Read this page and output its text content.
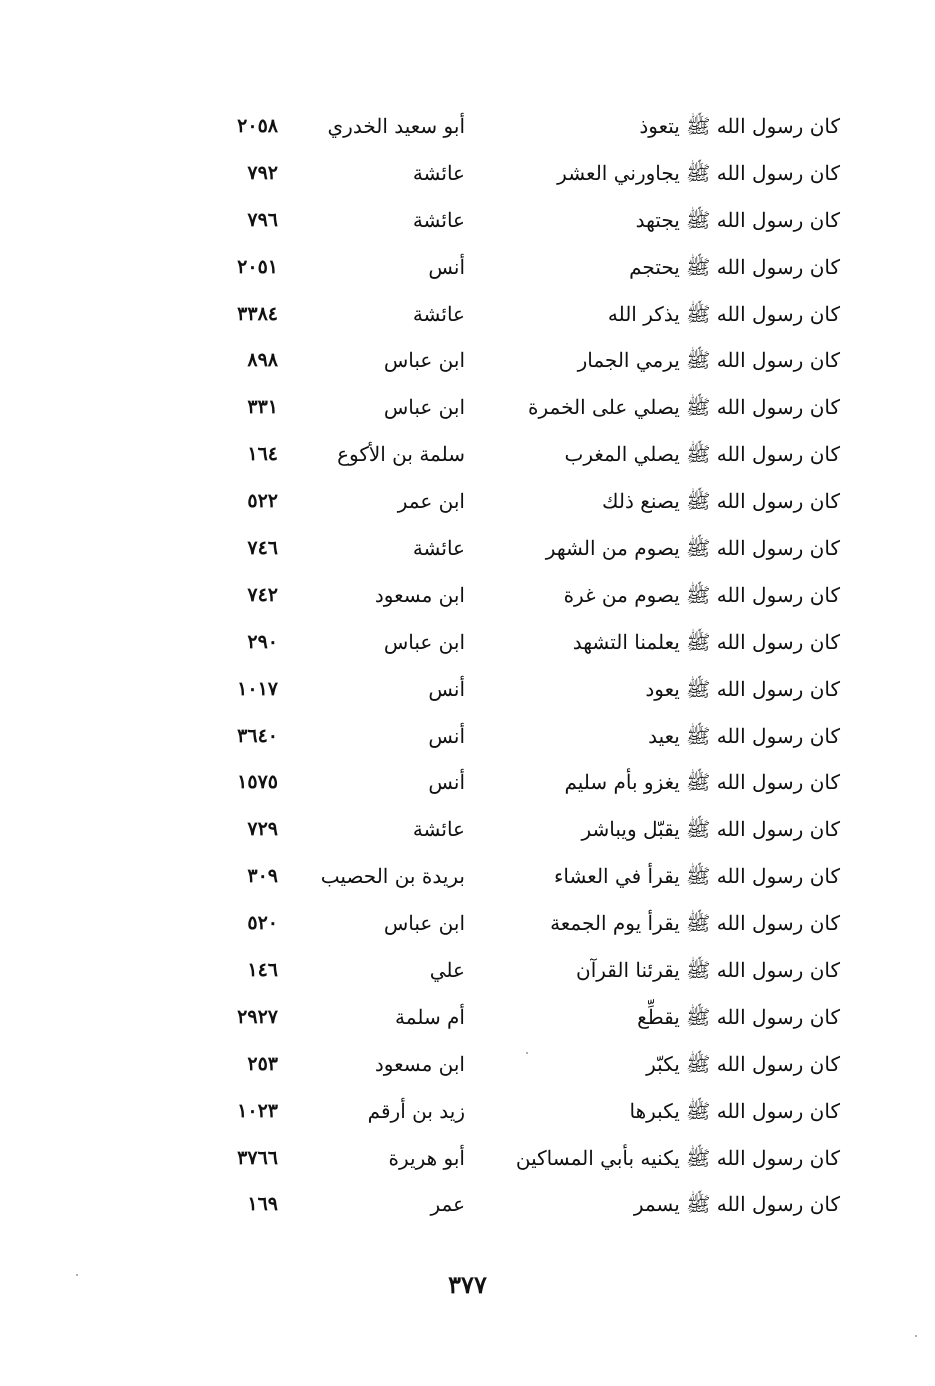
كان رسول الله ﷺ يتعوذ
أبو سعيد الخدري
٢٠٥٨
كان رسول الله ﷺ يجاورني العشر
عائشة
٧٩٢
كان رسول الله ﷺ يجتهد
عائشة
٧٩٦
كان رسول الله ﷺ يحتجم
أنس
٢٠٥١
كان رسول الله ﷺ يذكر الله
عائشة
٣٣٨٤
كان رسول الله ﷺ يرمي الجمار
ابن عباس
٨٩٨
كان رسول الله ﷺ يصلي على الخمرة
ابن عباس
٣٣١
كان رسول الله ﷺ يصلي المغرب
سلمة بن الأكوع
١٦٤
كان رسول الله ﷺ يصنع ذلك
ابن عمر
٥٢٢
كان رسول الله ﷺ يصوم من الشهر
عائشة
٧٤٦
كان رسول الله ﷺ يصوم من غرة
ابن مسعود
٧٤٢
كان رسول الله ﷺ يعلمنا التشهد
ابن عباس
٢٩٠
كان رسول الله ﷺ يعود
أنس
١٠١٧
كان رسول الله ﷺ يعيد
أنس
٣٦٤٠
كان رسول الله ﷺ يغزو بأم سليم
أنس
١٥٧٥
كان رسول الله ﷺ يقبّل ويباشر
عائشة
٧٢٩
كان رسول الله ﷺ يقرأ في العشاء
بريدة بن الحصيب
٣٠٩
كان رسول الله ﷺ يقرأ يوم الجمعة
ابن عباس
٥٢٠
كان رسول الله ﷺ يقرئنا القرآن
علي
١٤٦
كان رسول الله ﷺ يقطِّع
أم سلمة
٢٩٢٧
كان رسول الله ﷺ يكبّر
ابن مسعود
٢٥٣
كان رسول الله ﷺ يكبرها
زيد بن أرقم
١٠٢٣
كان رسول الله ﷺ يكنيه بأبي المساكين
أبو هريرة
٣٧٦٦
كان رسول الله ﷺ يسمر
عمر
١٦٩
٣٧٧
